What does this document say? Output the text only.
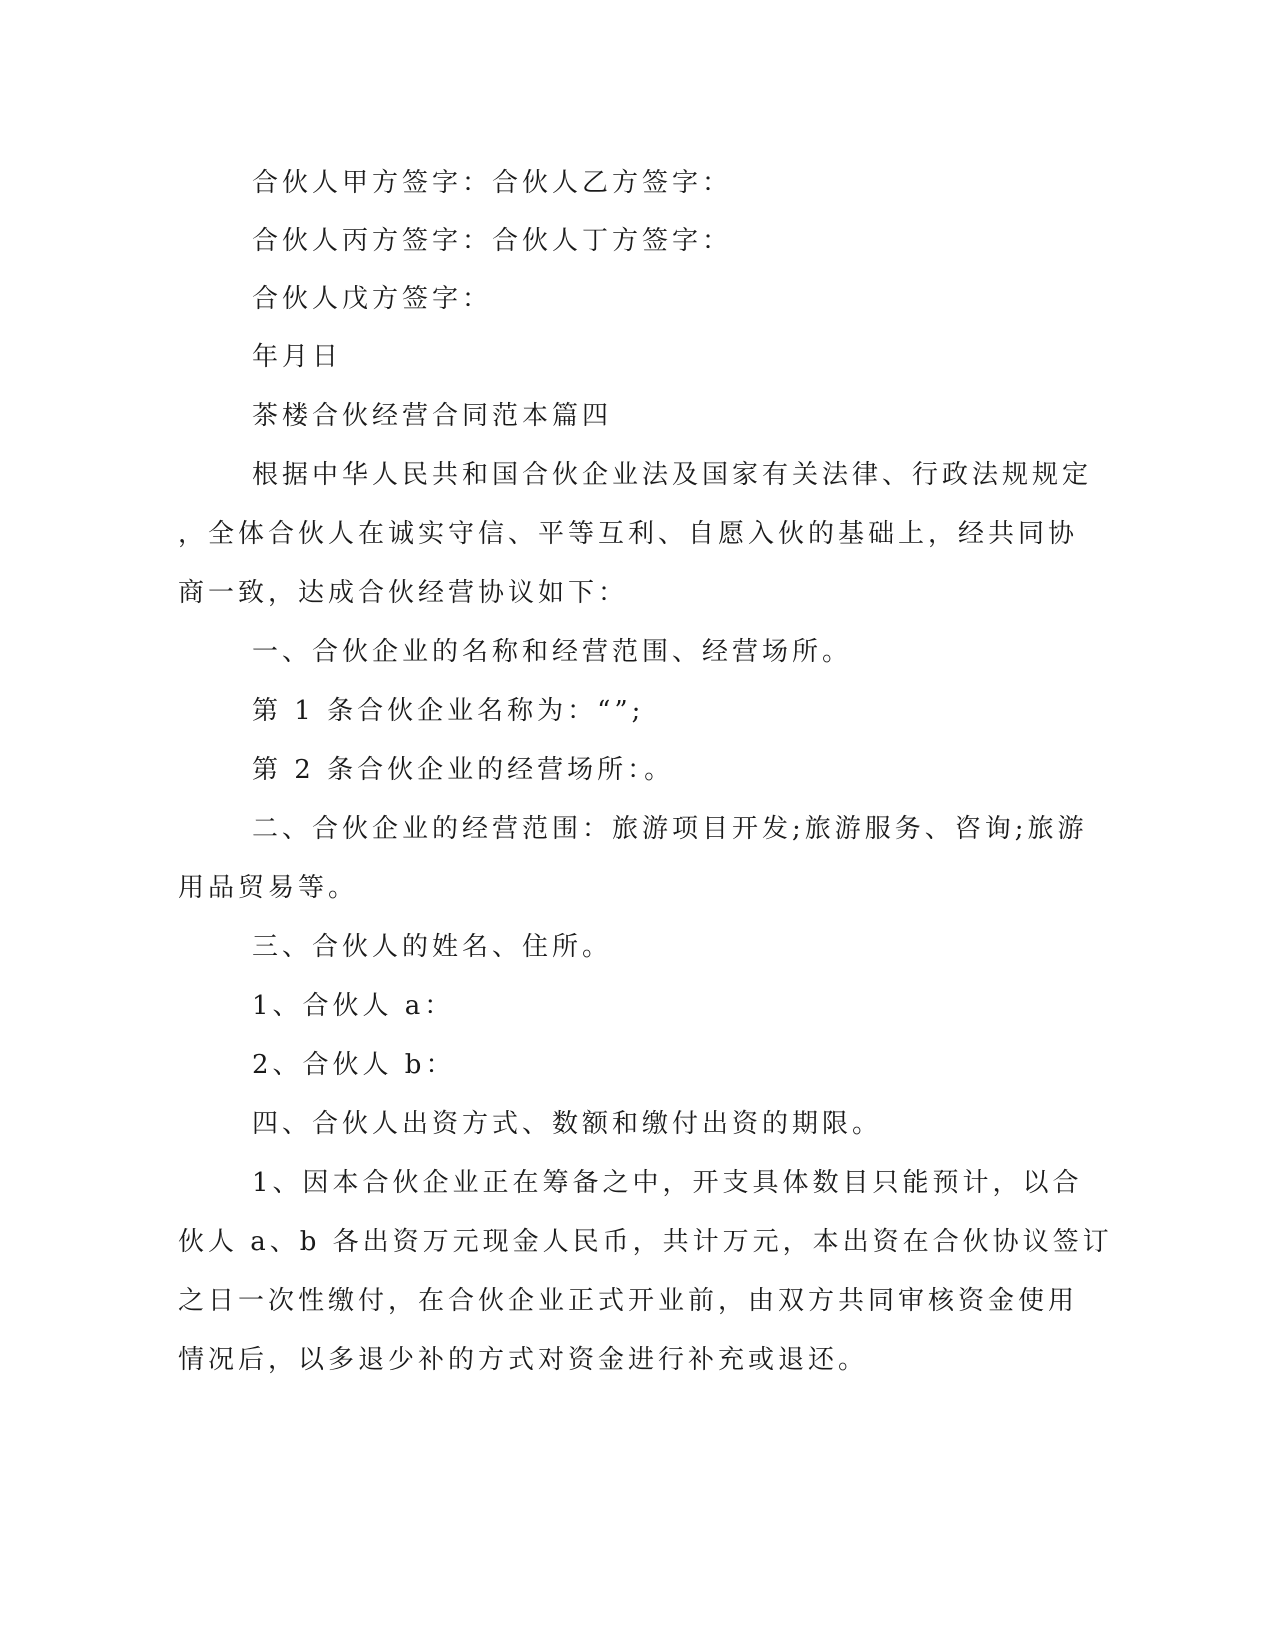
合伙人甲方签字：合伙人乙方签字：
合伙人丙方签字：合伙人丁方签字：
合伙人戊方签字：
年月日
茶楼合伙经营合同范本篇四
根据中华人民共和国合伙企业法及国家有关法律、行政法规规定
，全体合伙人在诚实守信、平等互利、自愿入伙的基础上，经共同协
商一致，达成合伙经营协议如下：
一、合伙企业的名称和经营范围、经营场所。
第 1 条合伙企业名称为：“”;
第 2 条合伙企业的经营场所：。
二、合伙企业的经营范围：旅游项目开发;旅游服务、咨询;旅游
用品贸易等。
三、合伙人的姓名、住所。
1、合伙人 a：
2、合伙人 b：
四、合伙人出资方式、数额和缴付出资的期限。
1、因本合伙企业正在筹备之中，开支具体数目只能预计，以合
伙人 a、b 各出资万元现金人民币，共计万元，本出资在合伙协议签订
之日一次性缴付，在合伙企业正式开业前，由双方共同审核资金使用
情况后，以多退少补的方式对资金进行补充或退还。
